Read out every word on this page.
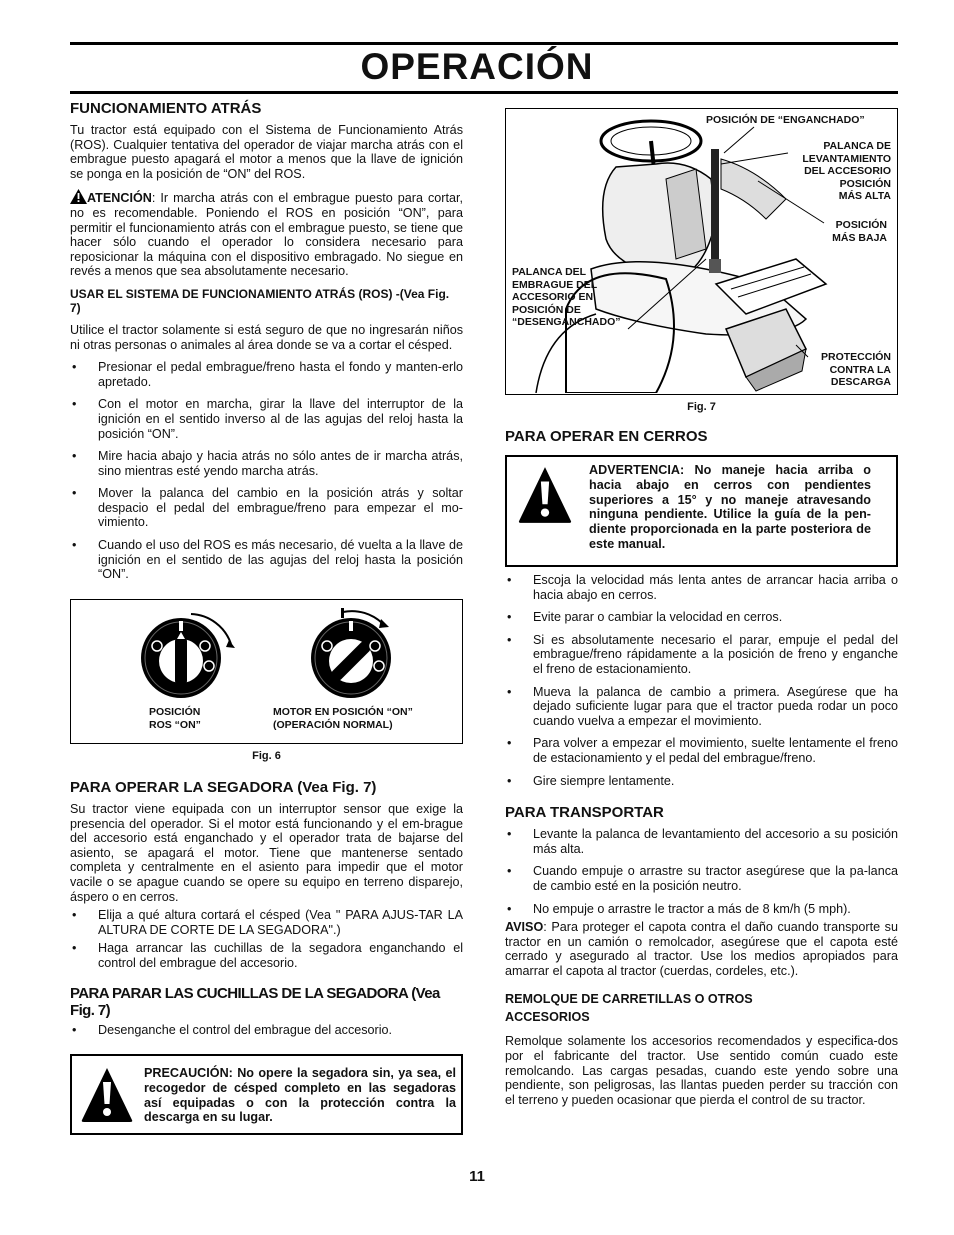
OPERACIÓN
FUNCIONAMIENTO ATRÁS

Tu tractor está equipado con el Sistema de Funcionamiento Atrás (ROS). Cualquier tentativa del operador de viajar marcha atrás con el embrague puesto apagará el motor a menos que la llave de ignición se ponga en la posición de “ON” del ROS.

ATENCIÓN: Ir marcha atrás con el embrague puesto para cortar, no es recomendable. Poniendo el ROS en posición “ON”, para permitir el funcionamiento atrás con el embrague puesto, se tiene que hacer sólo cuando el operador lo considera necesario para reposicionar la máquina con el dispositivo embragado. No siegue en revés a menos que sea absolutamente necesario.

USAR EL SISTEMA DE FUNCIONAMIENTO ATRÁS (ROS) -(Vea Fig. 7)

Utilice el tractor solamente si está seguro de que no ingresarán niños ni otras personas o animales al área donde se va a cortar el césped.

• Presionar el pedal embrague/freno hasta el fondo y manten-erlo apretado.
• Con el motor en marcha, girar la llave del interruptor de la ignición en el sentido inverso al de las agujas del reloj hasta la posición “ON”.
• Mire hacia abajo y hacia atrás no sólo antes de ir marcha atrás, sino mientras esté yendo marcha atrás.
• Mover la palanca del cambio en la posición atrás y soltar despacio el pedal del embrague/freno para empezar el mo-vimiento.
• Cuando el uso del ROS es más necesario, dé vuelta a la llave de ignición en el sentido de las agujas del reloj hasta la posición “ON”.
POSICIÓN
ROS “ON”
MOTOR EN POSICIÓN “ON”
(OPERACIÓN NORMAL)
Fig. 6
PARA OPERAR LA SEGADORA (Vea Fig. 7)

Su tractor viene equipada con un interruptor sensor que exige la presencia del operador. Si el motor está funcionando y el em-brague del accesorio está enganchado y el operador trata de bajarse del asiento, se apagará el motor. Tiene que mantenerse sentado completa y centralmente en el asiento para impedir que el motor vacile o se apague cuando se opere su equipo en terreno disparejo, áspero o en cerros.

• Elija a qué altura cortará el césped (Vea " PARA AJUS-TAR LA ALTURA DE CORTE DE LA SEGADORA".)
• Haga arrancar las cuchillas de la segadora enganchando el control del embrague del accesorio.
PARA PARAR LAS CUCHILLAS DE LA SEGADORA (Vea Fig. 7)
• Desenganche el control del embrague del accesorio.
PRECAUCIÓN: No opere la segadora sin, ya sea, el recogedor de césped completo en las segadoras así equipadas o con la protección contra la descarga en su lugar.
POSICIÓN DE “ENGANCHADO”
PALANCA DE
LEVANTAMIENTO
DEL ACCESORIO
POSICIÓN
MÁS ALTA
POSICIÓN
MÁS BAJA
PALANCA DEL
EMBRAGUE DEL
ACCESORIO EN
POSICIÓN DE
“DESENGANCHADO”
PROTECCIÓN
CONTRA LA
DESCARGA
Fig. 7
PARA OPERAR EN CERROS
ADVERTENCIA: No maneje hacia arriba o hacia abajo en cerros con pendientes superiores a 15° y no maneje atravesando ninguna pendiente. Utilice la guía de la pen-diente proporcionada en la parte posteriora de este manual.
• Escoja la velocidad más lenta antes de arrancar hacia arriba o hacia abajo en cerros.
• Evite parar o cambiar la velocidad en cerros.
• Si es absolutamente necesario el parar, empuje el pedal del embrague/freno rápidamente a la posición de freno y enganche el freno de estacionamiento.
• Mueva la palanca de cambio a primera. Asegúrese que ha dejado suficiente lugar para que el tractor pueda rodar un poco cuando vuelva a empezar el movimiento.
• Para volver a empezar el movimiento, suelte lentamente el freno de estacionamiento y el pedal del embrague/freno.
• Gire siempre lentamente.
PARA TRANSPORTAR
• Levante la palanca de levantamiento del accesorio a su posición más alta.
• Cuando empuje o arrastre su tractor asegúrese que la pa-lanca de cambio esté en la posición neutro.
• No empuje o arrastre le tractor a más de 8 km/h (5 mph).

AVISO: Para proteger el capota contra el daño cuando transporte su tractor en un camión o remolcador, asegúrese que el capota esté cerrado y asegurado al tractor. Use los medios apropiados para amarrar el capota al tractor (cuerdas, cordeles, etc.).

REMOLQUE DE CARRETILLAS O OTROS ACCESORIOS

Remolque solamente los accesorios recomendados y especifica-dos por el fabricante del tractor. Use sentido común cuado este remolcando. Las cargas pesadas, cuando este yendo sobre una pendiente, son peligrosas, las llantas pueden perder su tracción con el terreno y pueden ocasionar que pierda el control de su tractor.

11
